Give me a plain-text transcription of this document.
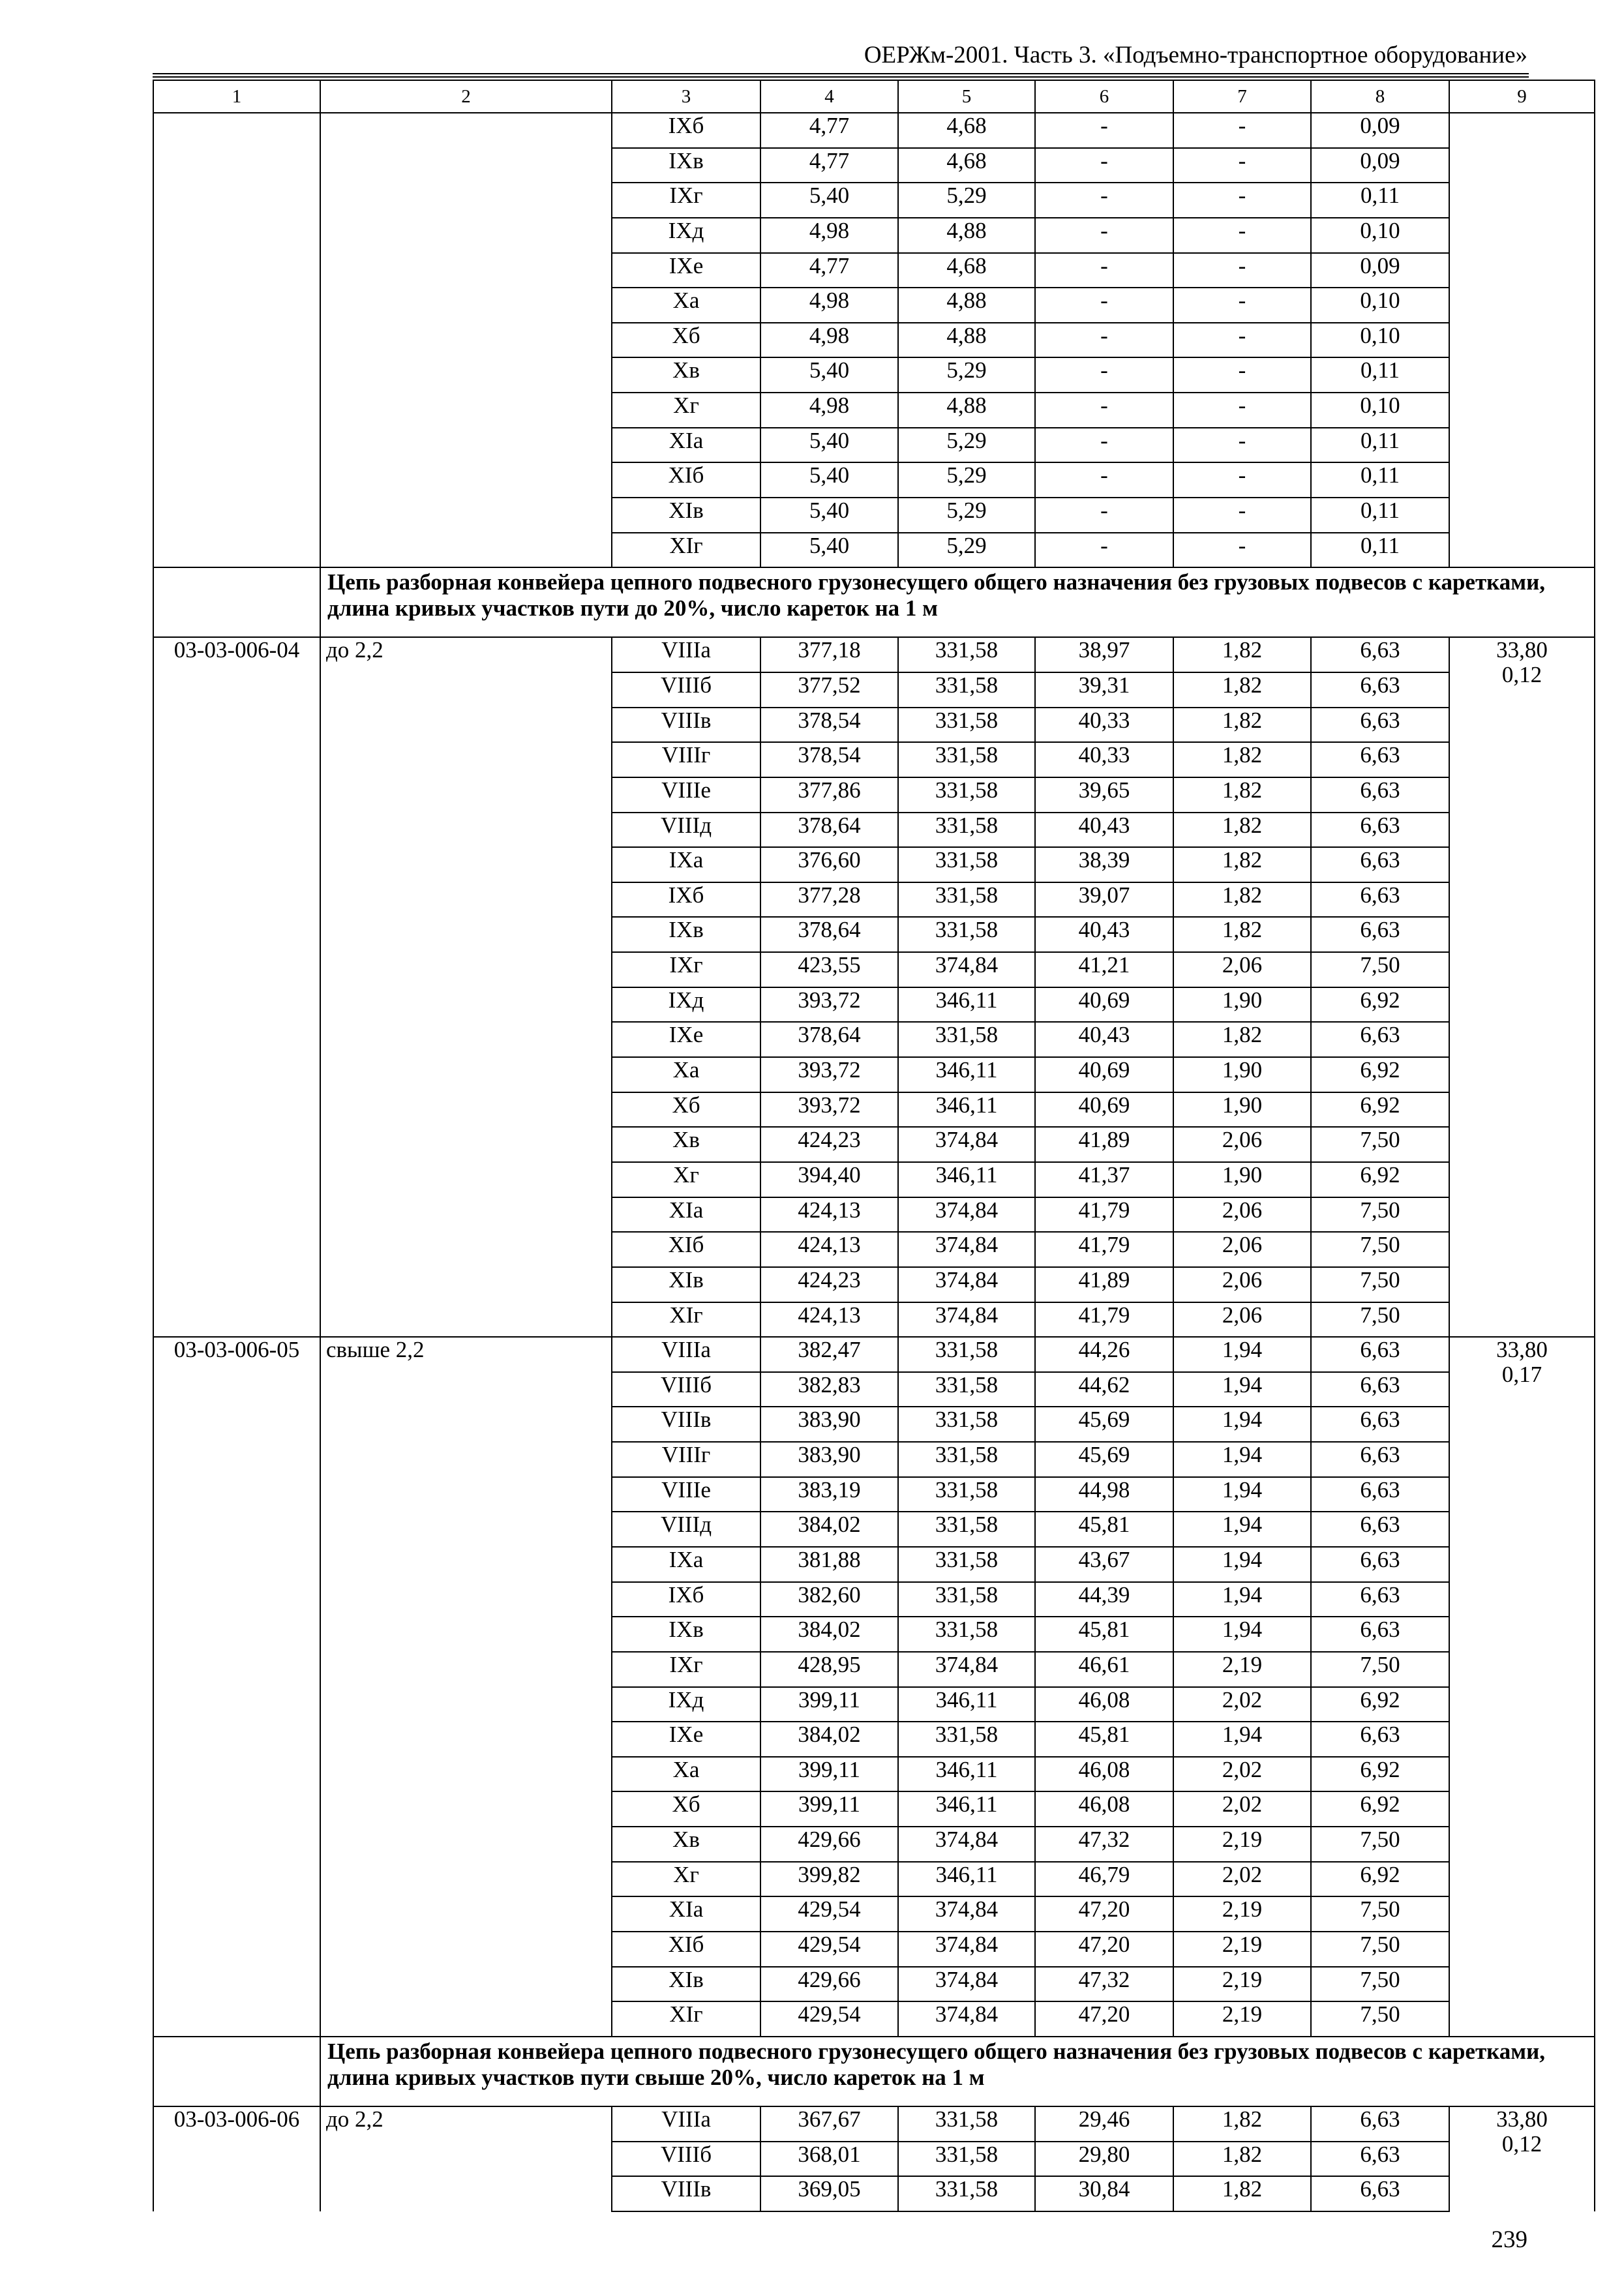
ОЕРЖм-2001. Часть 3. «Подъемно-транспортное оборудование»
1	2	3	4	5	6	7	8	9
		IXб	4,77	4,68	-	-	0,09	
		IXв	4,77	4,68	-	-	0,09	
		IXг	5,40	5,29	-	-	0,11	
		IXд	4,98	4,88	-	-	0,10	
		IXе	4,77	4,68	-	-	0,09	
		Xа	4,98	4,88	-	-	0,10	
		Xб	4,98	4,88	-	-	0,10	
		Xв	5,40	5,29	-	-	0,11	
		Xг	4,98	4,88	-	-	0,10	
		XIа	5,40	5,29	-	-	0,11	
		XIб	5,40	5,29	-	-	0,11	
		XIв	5,40	5,29	-	-	0,11	
		XIг	5,40	5,29	-	-	0,11	
	Цепь разборная конвейера цепного подвесного грузонесущего общего назначения без грузовых подвесов с каретками, длина кривых участков пути до 20%, число кареток на 1 м							
03-03-006-04	до 2,2	VIIIа	377,18	331,58	38,97	1,82	6,63	33,80
0,12

		VIIIб	377,52	331,58	39,31	1,82	6,63	
		VIIIв	378,54	331,58	40,33	1,82	6,63	
		VIIIг	378,54	331,58	40,33	1,82	6,63	
		VIIIе	377,86	331,58	39,65	1,82	6,63	
		VIIIд	378,64	331,58	40,43	1,82	6,63	
		IXа	376,60	331,58	38,39	1,82	6,63	
		IXб	377,28	331,58	39,07	1,82	6,63	
		IXв	378,64	331,58	40,43	1,82	6,63	
		IXг	423,55	374,84	41,21	2,06	7,50	
		IXд	393,72	346,11	40,69	1,90	6,92	
		IXе	378,64	331,58	40,43	1,82	6,63	
		Xа	393,72	346,11	40,69	1,90	6,92	
		Xб	393,72	346,11	40,69	1,90	6,92	
		Xв	424,23	374,84	41,89	2,06	7,50	
		Xг	394,40	346,11	41,37	1,90	6,92	
		XIа	424,13	374,84	41,79	2,06	7,50	
		XIб	424,13	374,84	41,79	2,06	7,50	
		XIв	424,23	374,84	41,89	2,06	7,50	
		XIг	424,13	374,84	41,79	2,06	7,50	
03-03-006-05	свыше 2,2	VIIIа	382,47	331,58	44,26	1,94	6,63	33,80
0,17

		VIIIб	382,83	331,58	44,62	1,94	6,63	
		VIIIв	383,90	331,58	45,69	1,94	6,63	
		VIIIг	383,90	331,58	45,69	1,94	6,63	
		VIIIе	383,19	331,58	44,98	1,94	6,63	
		VIIIд	384,02	331,58	45,81	1,94	6,63	
		IXа	381,88	331,58	43,67	1,94	6,63	
		IXб	382,60	331,58	44,39	1,94	6,63	
		IXв	384,02	331,58	45,81	1,94	6,63	
		IXг	428,95	374,84	46,61	2,19	7,50	
		IXд	399,11	346,11	46,08	2,02	6,92	
		IXе	384,02	331,58	45,81	1,94	6,63	
		Xа	399,11	346,11	46,08	2,02	6,92	
		Xб	399,11	346,11	46,08	2,02	6,92	
		Xв	429,66	374,84	47,32	2,19	7,50	
		Xг	399,82	346,11	46,79	2,02	6,92	
		XIа	429,54	374,84	47,20	2,19	7,50	
		XIб	429,54	374,84	47,20	2,19	7,50	
		XIв	429,66	374,84	47,32	2,19	7,50	
		XIг	429,54	374,84	47,20	2,19	7,50	
	Цепь разборная конвейера цепного подвесного грузонесущего общего назначения без грузовых подвесов с каретками, длина кривых участков пути свыше 20%, число кареток на 1 м							
03-03-006-06	до 2,2	VIIIа	367,67	331,58	29,46	1,82	6,63	33,80
0,12

		VIIIб	368,01	331,58	29,80	1,82	6,63	
		VIIIв	369,05	331,58	30,84	1,82	6,63	
239
